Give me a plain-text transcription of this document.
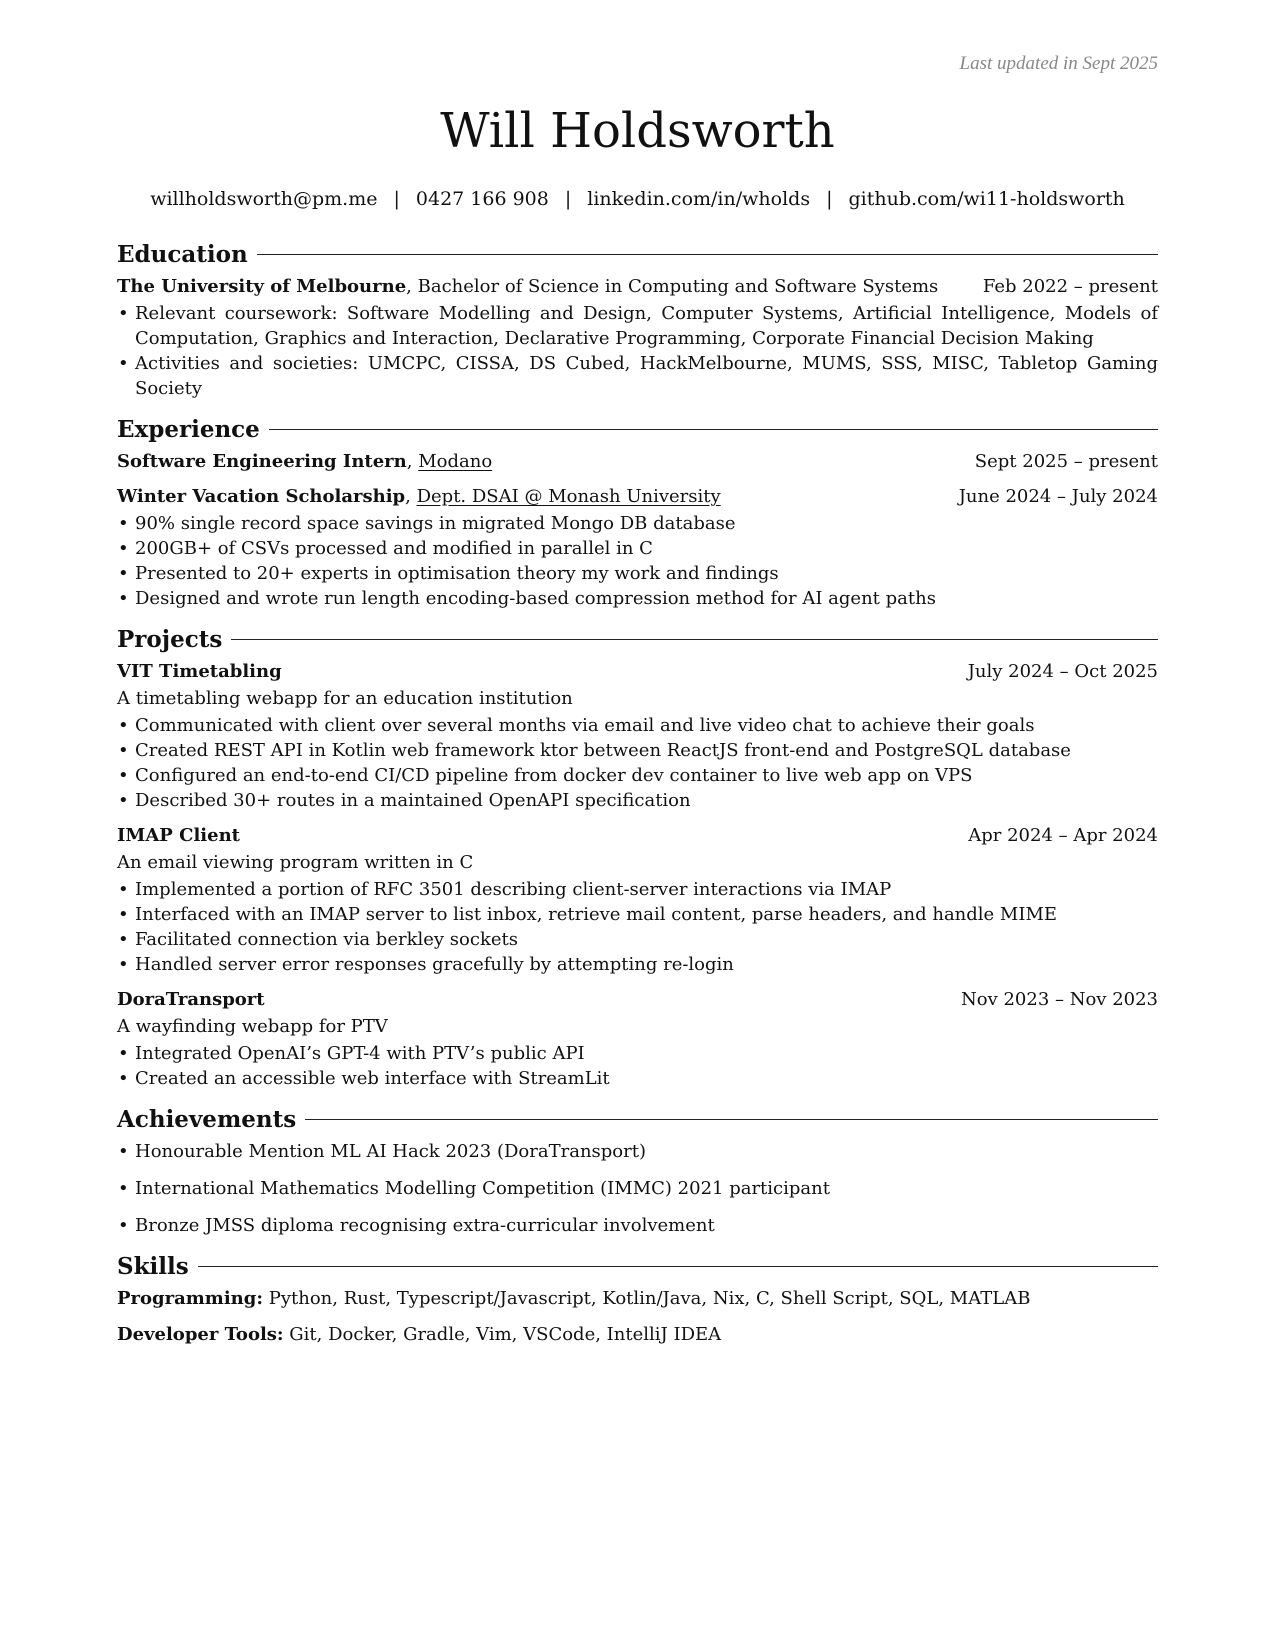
Last updated in Sept 2025
Will Holdsworth
willholdsworth@pm.me | 0427 166 908 | linkedin.com/in/wholds | github.com/wi11-holdsworth
Education
The University of Melbourne, Bachelor of Science in Computing and Software Systems Feb 2022 – present
• Relevant coursework: Software Modelling and Design, Computer Systems, Artificial Intelligence, Models of Computation, Graphics and Interaction, Declarative Programming, Corporate Financial Decision Making
• Activities and societies: UMCPC, CISSA, DS Cubed, HackMelbourne, MUMS, SSS, MISC, Tabletop Gaming Society
Experience
Software Engineering Intern, Modano	Sept 2025 – present
Winter Vacation Scholarship, Dept. DSAI @ Monash University	June 2024 – July 2024
• 90% single record space savings in migrated Mongo DB database
• 200GB+ of CSVs processed and modified in parallel in C
• Presented to 20+ experts in optimisation theory my work and findings
• Designed and wrote run length encoding-based compression method for AI agent paths
Projects
VIT Timetabling	July 2024 – Oct 2025
A timetabling webapp for an education institution
• Communicated with client over several months via email and live video chat to achieve their goals
• Created REST API in Kotlin web framework ktor between ReactJS front-end and PostgreSQL database
• Configured an end-to-end CI/CD pipeline from docker dev container to live web app on VPS
• Described 30+ routes in a maintained OpenAPI specification
IMAP Client	Apr 2024 – Apr 2024
An email viewing program written in C
• Implemented a portion of RFC 3501 describing client-server interactions via IMAP
• Interfaced with an IMAP server to list inbox, retrieve mail content, parse headers, and handle MIME
• Facilitated connection via berkley sockets
• Handled server error responses gracefully by attempting re-login
DoraTransport	Nov 2023 – Nov 2023
A wayfinding webapp for PTV
• Integrated OpenAI’s GPT-4 with PTV’s public API
• Created an accessible web interface with StreamLit
Achievements
• Honourable Mention ML AI Hack 2023 (DoraTransport)
• International Mathematics Modelling Competition (IMMC) 2021 participant
• Bronze JMSS diploma recognising extra-curricular involvement
Skills
Programming: Python, Rust, Typescript/Javascript, Kotlin/Java, Nix, C, Shell Script, SQL, MATLAB
Developer Tools: Git, Docker, Gradle, Vim, VSCode, IntelliJ IDEA
